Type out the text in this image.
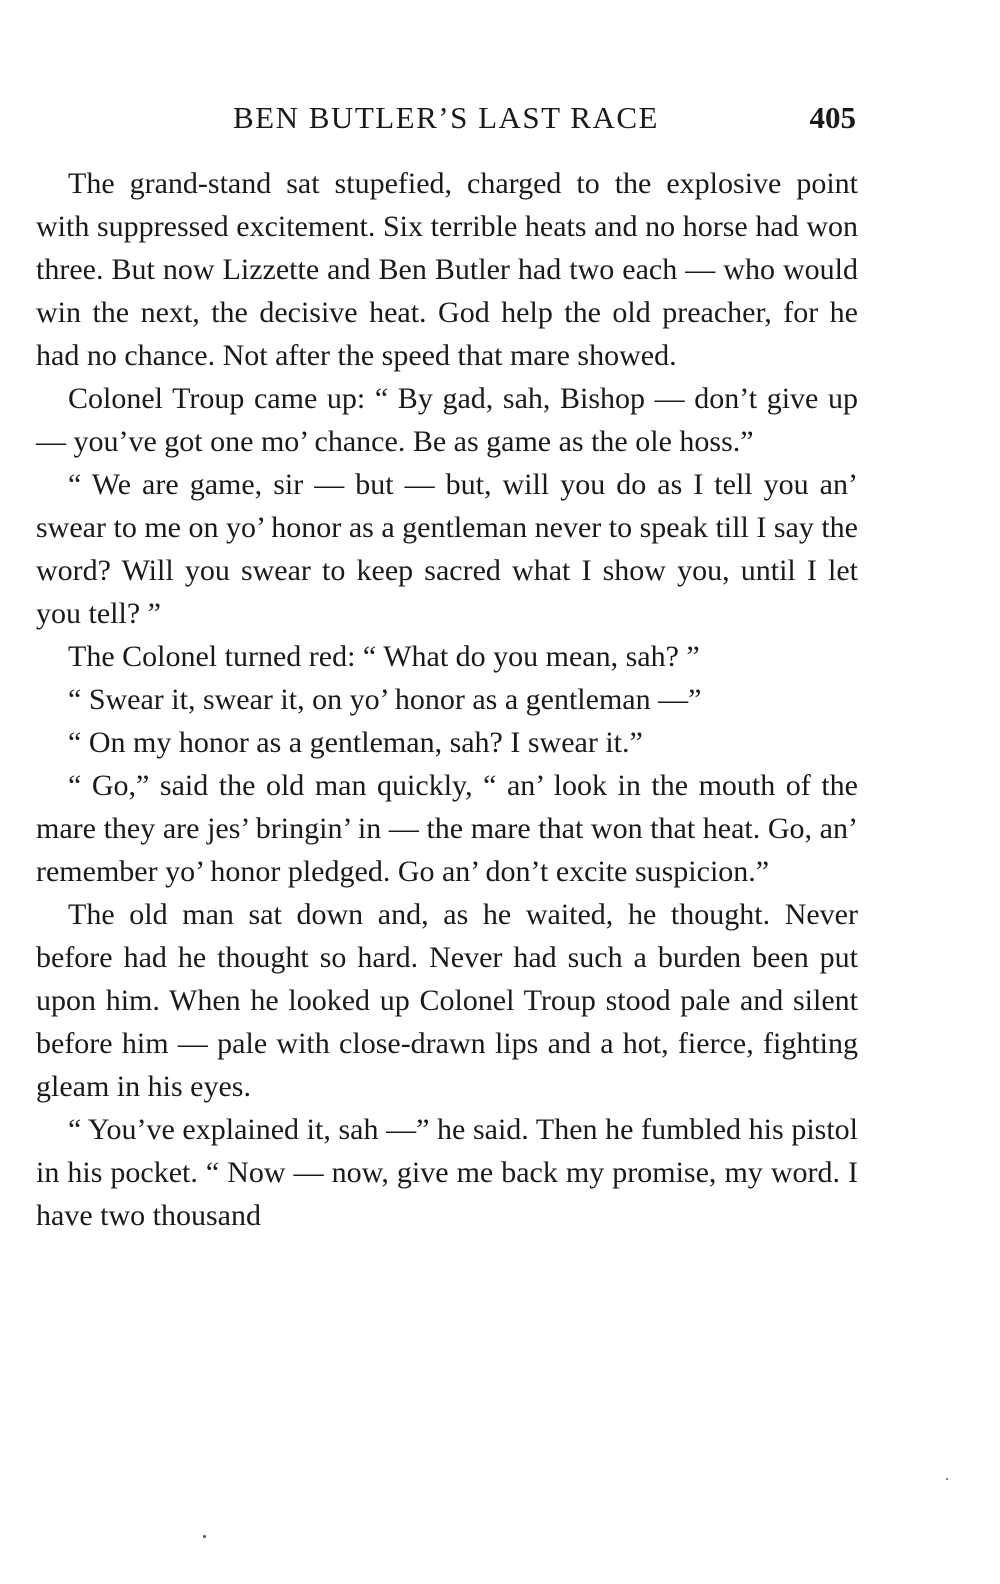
BEN BUTLER’S LAST RACE	405

The grand-stand sat stupefied, charged to the explosive point with suppressed excitement. Six terrible heats and no horse had won three. But now Lizzette and Ben Butler had two each — who would win the next, the decisive heat. God help the old preacher, for he had no chance. Not after the speed that mare showed.

Colonel Troup came up: “ By gad, sah, Bishop — don’t give up — you’ve got one mo’ chance. Be as game as the ole hoss.”

“ We are game, sir — but — but, will you do as I tell you an’ swear to me on yo’ honor as a gentleman never to speak till I say the word? Will you swear to keep sacred what I show you, until I let you tell? ”

The Colonel turned red: “ What do you mean, sah? ”

“ Swear it, swear it, on yo’ honor as a gentleman —”

“ On my honor as a gentleman, sah? I swear it.”

“ Go,” said the old man quickly, “ an’ look in the mouth of the mare they are jes’ bringin’ in — the mare that won that heat. Go, an’ remember yo’ honor pledged. Go an’ don’t excite suspicion.”

The old man sat down and, as he waited, he thought. Never before had he thought so hard. Never had such a burden been put upon him. When he looked up Colonel Troup stood pale and silent before him — pale with close-drawn lips and a hot, fierce, fighting gleam in his eyes.

“ You’ve explained it, sah —” he said. Then he fumbled his pistol in his pocket. “ Now — now, give me back my promise, my word. I have two thousand
